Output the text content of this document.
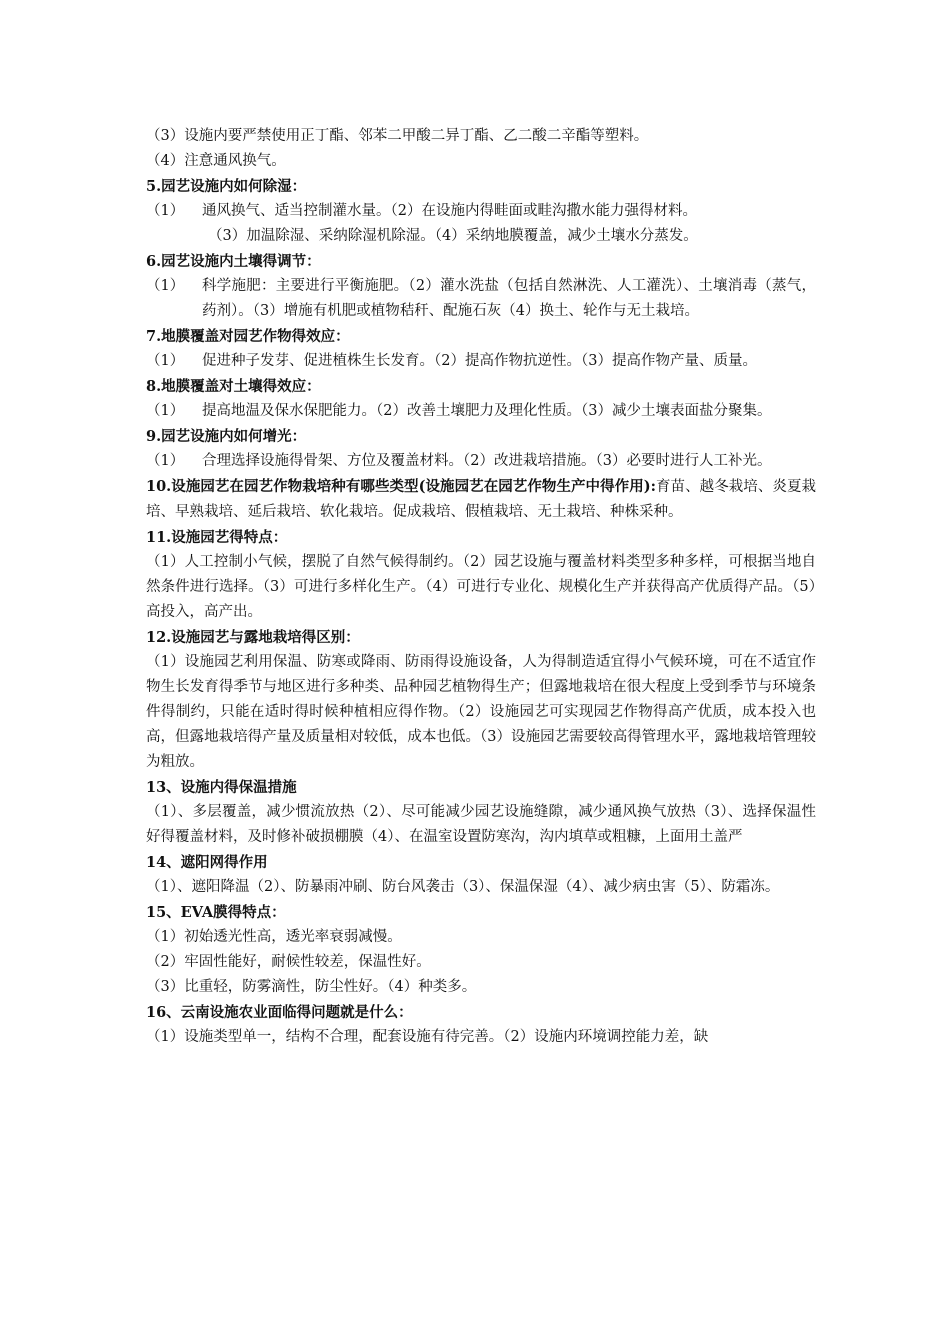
（3）设施内要严禁使用正丁酯、邻苯二甲酸二异丁酯、乙二酸二辛酯等塑料。
（4）注意通风换气。
5.园艺设施内如何除湿：
（1）	通风换气、适当控制灌水量。（2）在设施内得畦面或畦沟撒水能力强得材料。
（3）加温除湿、采纳除湿机除湿。（4）采纳地膜覆盖，减少土壤水分蒸发。
6.园艺设施内土壤得调节：
（1）	科学施肥：主要进行平衡施肥。（2）灌水洗盐（包括自然淋洗、人工灌洗）、土壤消毒（蒸气，药剂）。（3）增施有机肥或植物秸秆、配施石灰（4）换土、轮作与无土栽培。
7.地膜覆盖对园艺作物得效应：
（1）	促进种子发芽、促进植株生长发育。（2）提高作物抗逆性。（3）提高作物产量、质量。
8.地膜覆盖对土壤得效应：
（1）	提高地温及保水保肥能力。（2）改善土壤肥力及理化性质。（3）减少土壤表面盐分聚集。
9.园艺设施内如何增光：
（1）	合理选择设施得骨架、方位及覆盖材料。（2）改进栽培措施。（3）必要时进行人工补光。
10.设施园艺在园艺作物栽培种有哪些类型(设施园艺在园艺作物生产中得作用):育苗、越冬栽培、炎夏栽培、早熟栽培、延后栽培、软化栽培。促成栽培、假植栽培、无土栽培、种株采种。
11.设施园艺得特点：
（1）人工控制小气候，摆脱了自然气候得制约。（2）园艺设施与覆盖材料类型多种多样，可根据当地自然条件进行选择。（3）可进行多样化生产。（4）可进行专业化、规模化生产并获得高产优质得产品。（5）高投入，高产出。
12.设施园艺与露地栽培得区别：
（1）设施园艺利用保温、防寒或降雨、防雨得设施设备，人为得制造适宜得小气候环境，可在不适宜作物生长发育得季节与地区进行多种类、品种园艺植物得生产；但露地栽培在很大程度上受到季节与环境条件得制约，只能在适时得时候种植相应得作物。（2）设施园艺可实现园艺作物得高产优质，成本投入也高，但露地栽培得产量及质量相对较低，成本也低。（3）设施园艺需要较高得管理水平，露地栽培管理较为粗放。
13、设施内得保温措施
（1）、多层覆盖，减少惯流放热（2）、尽可能减少园艺设施缝隙，减少通风换气放热（3）、选择保温性好得覆盖材料，及时修补破损棚膜（4）、在温室设置防寒沟，沟内填草或粗糠，上面用土盖严
14、遮阳网得作用
（1）、遮阳降温（2）、防暴雨冲刷、防台风袭击（3）、保温保湿（4）、减少病虫害（5）、防霜冻。
15、EVA膜得特点：
（1）初始透光性高，透光率衰弱减慢。
（2）牢固性能好，耐候性较差，保温性好。
（3）比重轻，防雾滴性，防尘性好。（4）种类多。
16、云南设施农业面临得问题就是什么：
（1）设施类型单一，结构不合理，配套设施有待完善。（2）设施内环境调控能力差，缺
